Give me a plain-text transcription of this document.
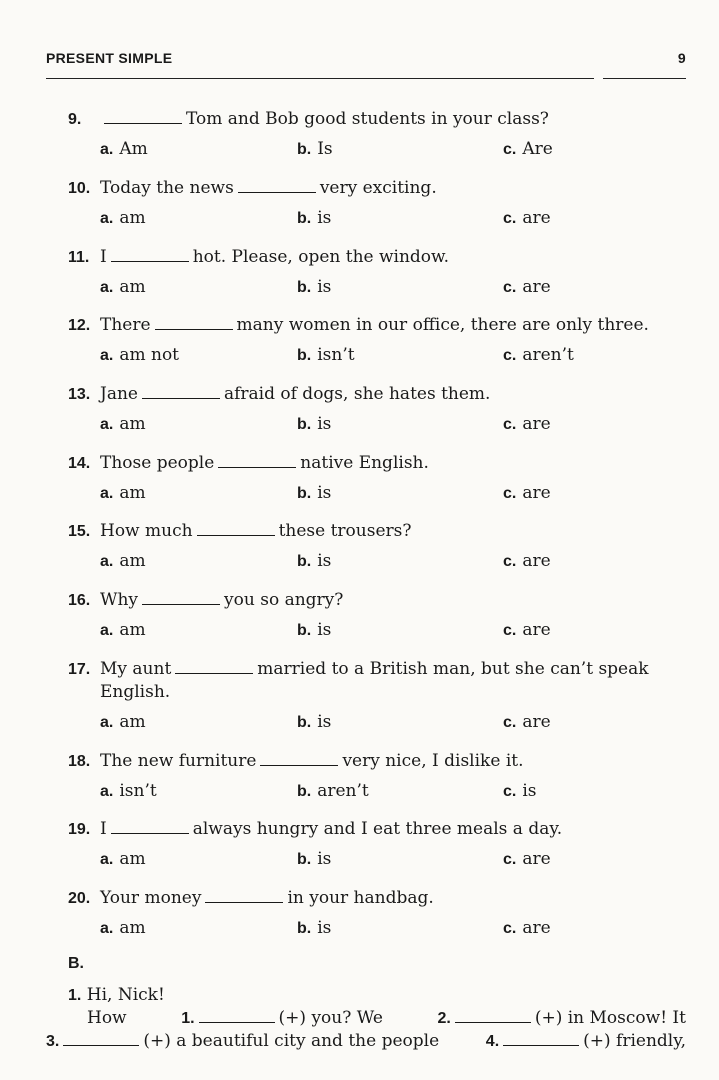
PRESENT SIMPLE	9
9.	Tom and Bob good students in your class?
a. Am	b. Is	c. Are
10. Today the news	very exciting.
a. am	b. is	c. are
11. I	hot. Please, open the window.
a. am	b. is	c. are
12. There	many women in our office, there are only three.
a. am not	b. isn’t	c. aren’t
13. Jane	afraid of dogs, she hates them.
a. am	b. is	c. are
14. Those people	native English.
a. am	b. is	c. are
15. How much	these trousers?
a. am	b. is	c. are
16. Why	you so angry?
a. am	b. is	c. are
17. My aunt	married to a British man, but she can’t speak
English.
a. am	b. is	c. are
18. The new furniture	very nice, I dislike it.
a. isn’t	b. aren’t	c. is
19. I	always hungry and I eat three meals a day.
a. am	b. is	c. are
20. Your money	in your handbag.
a. am	b. is	c. are
B.
1. Hi, Nick!
How	1.	(+) you? We	2.	(+) in Moscow! It
3.	(+) a beautiful city and the people	4.	(+) friendly,
